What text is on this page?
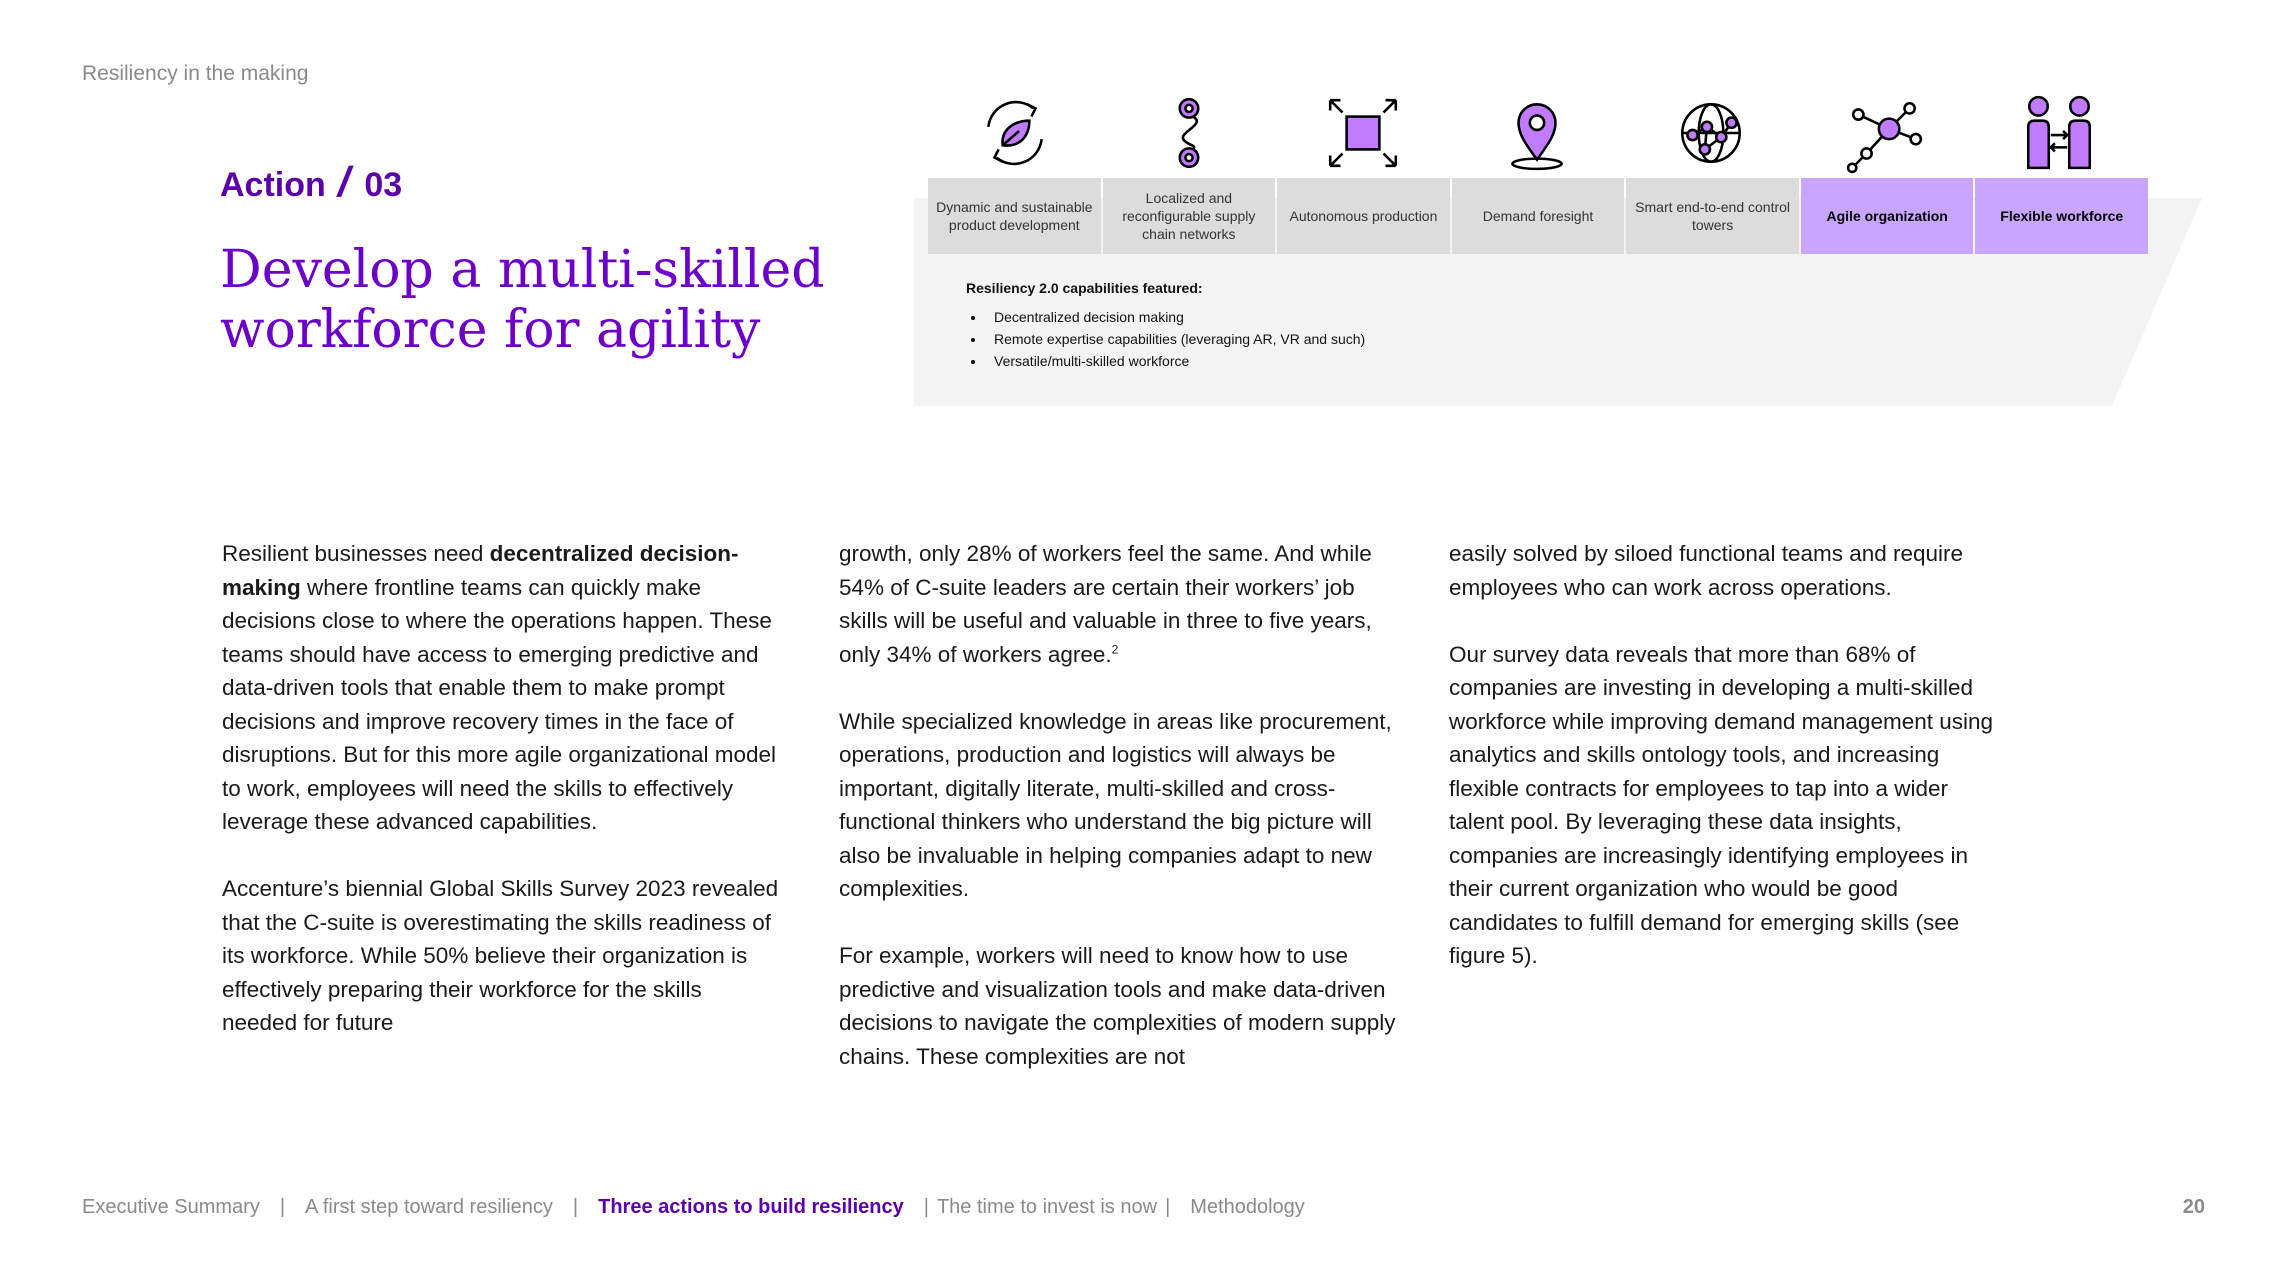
Resiliency in the making
Action / 03
Develop a multi-skilled workforce for agility
Dynamic and sustainable product development
Localized and reconfigurable supply chain networks
Autonomous production	Demand foresight
Smart end-to-end control towers
Agile organization	Flexible workforce
Resiliency 2.0 capabilities featured:
• Decentralized decision making
• Remote expertise capabilities (leveraging AR, VR and such)
• Versatile/multi-skilled workforce

Resilient businesses need decentralized decision-making where frontline teams can quickly make decisions close to where the operations happen. These teams should have access to emerging predictive and data-driven tools that enable them to make prompt decisions and improve recovery times in the face of disruptions. But for this more agile organizational model to work, employees will need the skills to effectively leverage these advanced capabilities.

Accenture’s biennial Global Skills Survey 2023 revealed that the C-suite is overestimating the skills readiness of its workforce. While 50% believe their organization is effectively preparing their workforce for the skills needed for future

growth, only 28% of workers feel the same. And while 54% of C-suite leaders are certain their workers’ job skills will be useful and valuable in three to five years, only 34% of workers agree.$^2$

While specialized knowledge in areas like procurement, operations, production and logistics will always be important, digitally literate, multi-skilled and cross-functional thinkers who understand the big picture will also be invaluable in helping companies adapt to new complexities.

For example, workers will need to know how to use predictive and visualization tools and make data-driven decisions to navigate the complexities of modern supply chains. These complexities are not

easily solved by siloed functional teams and require employees who can work across operations.

Our survey data reveals that more than 68% of companies are investing in developing a multi-skilled workforce while improving demand management using analytics and skills ontology tools, and increasing flexible contracts for employees to tap into a wider talent pool. By leveraging these data insights, companies are increasingly identifying employees in their current organization who would be good candidates to fulfill demand for emerging skills (see figure 5).

Executive Summary | A first step toward resiliency | Three actions to build resiliency | The time to invest is now | Methodology	20
